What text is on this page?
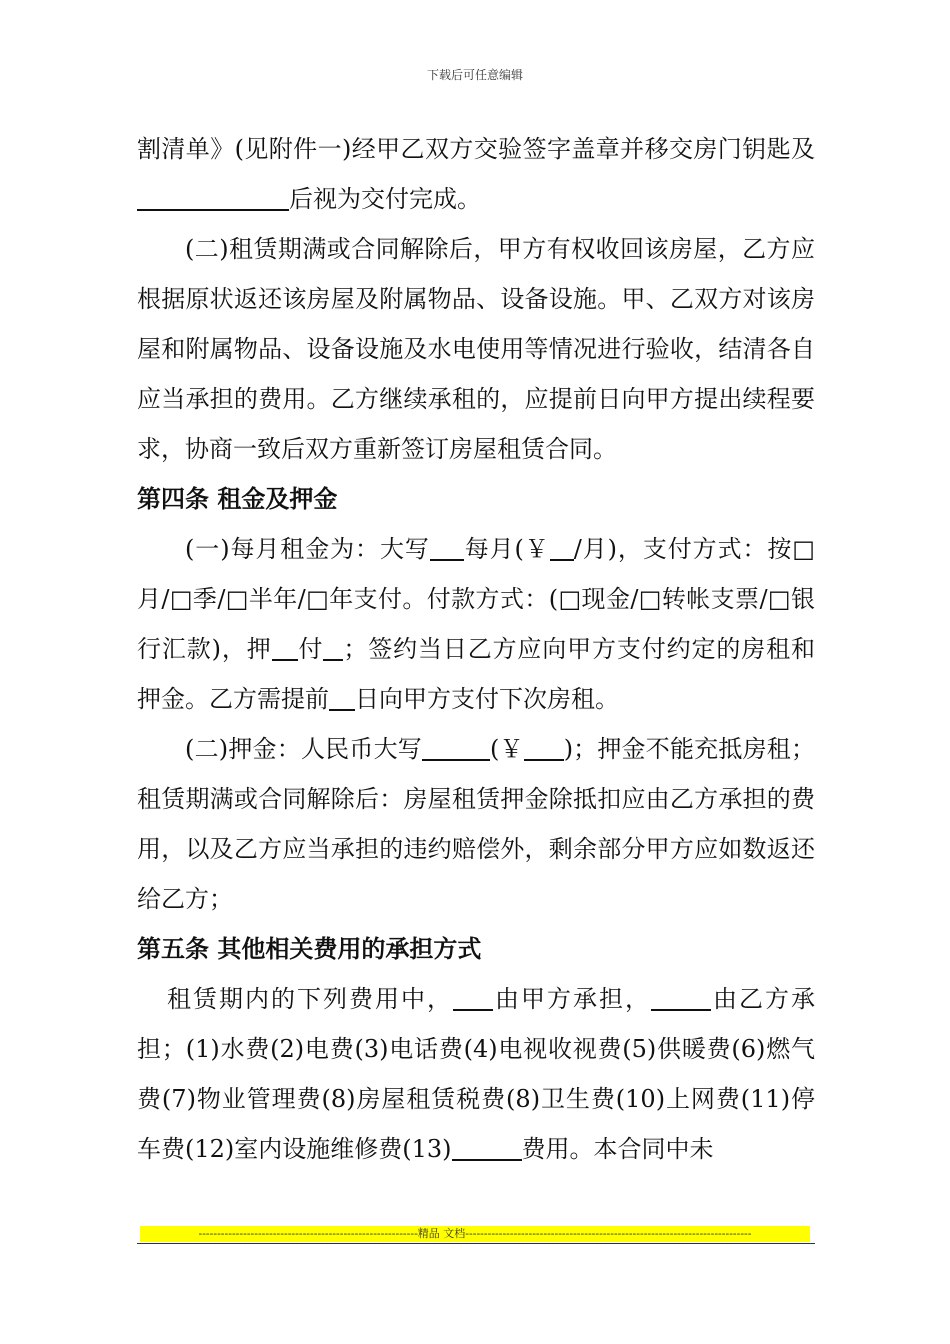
下载后可任意编辑

割清单》(见附件一)经甲乙双方交验签字盖章并移交房门钥匙及后视为交付完成。

(二)租赁期满或合同解除后，甲方有权收回该房屋，乙方应根据原状返还该房屋及附属物品、设备设施。甲、乙双方对该房屋和附属物品、设备设施及水电使用等情况进行验收，结清各自应当承担的费用。乙方继续承租的，应提前日向甲方提出续程要求，协商一致后双方重新签订房屋租赁合同。

第四条 租金及押金

(一)每月租金为：大写 每月(￥ /月)，支付方式：按□月/□季/□半年/□年支付。付款方式：(□现金/□转帐支票/□银行汇款)，押 付 ；签约当日乙方应向甲方支付约定的房租和押金。乙方需提前 日向甲方支付下次房租。

(二)押金：人民币大写	(￥ )；押金不能充抵房租；租赁期满或合同解除后：房屋租赁押金除抵扣应由乙方承担的费用，以及乙方应当承担的违约赔偿外，剩余部分甲方应如数返还给乙方；

第五条 其他相关费用的承担方式

租赁期内的下列费用中， 由甲方承担，	由乙方承担；(1)水费(2)电费(3)电话费(4)电视收视费(5)供暖费(6)燃气费(7)物业管理费(8)房屋租赁税费(8)卫生费(10)上网费(11)停车费(12)室内设施维修费(13)	费用。本合同中未

-----------------------------------------------------------精品 文档-----------------------------------------------------------------------------
